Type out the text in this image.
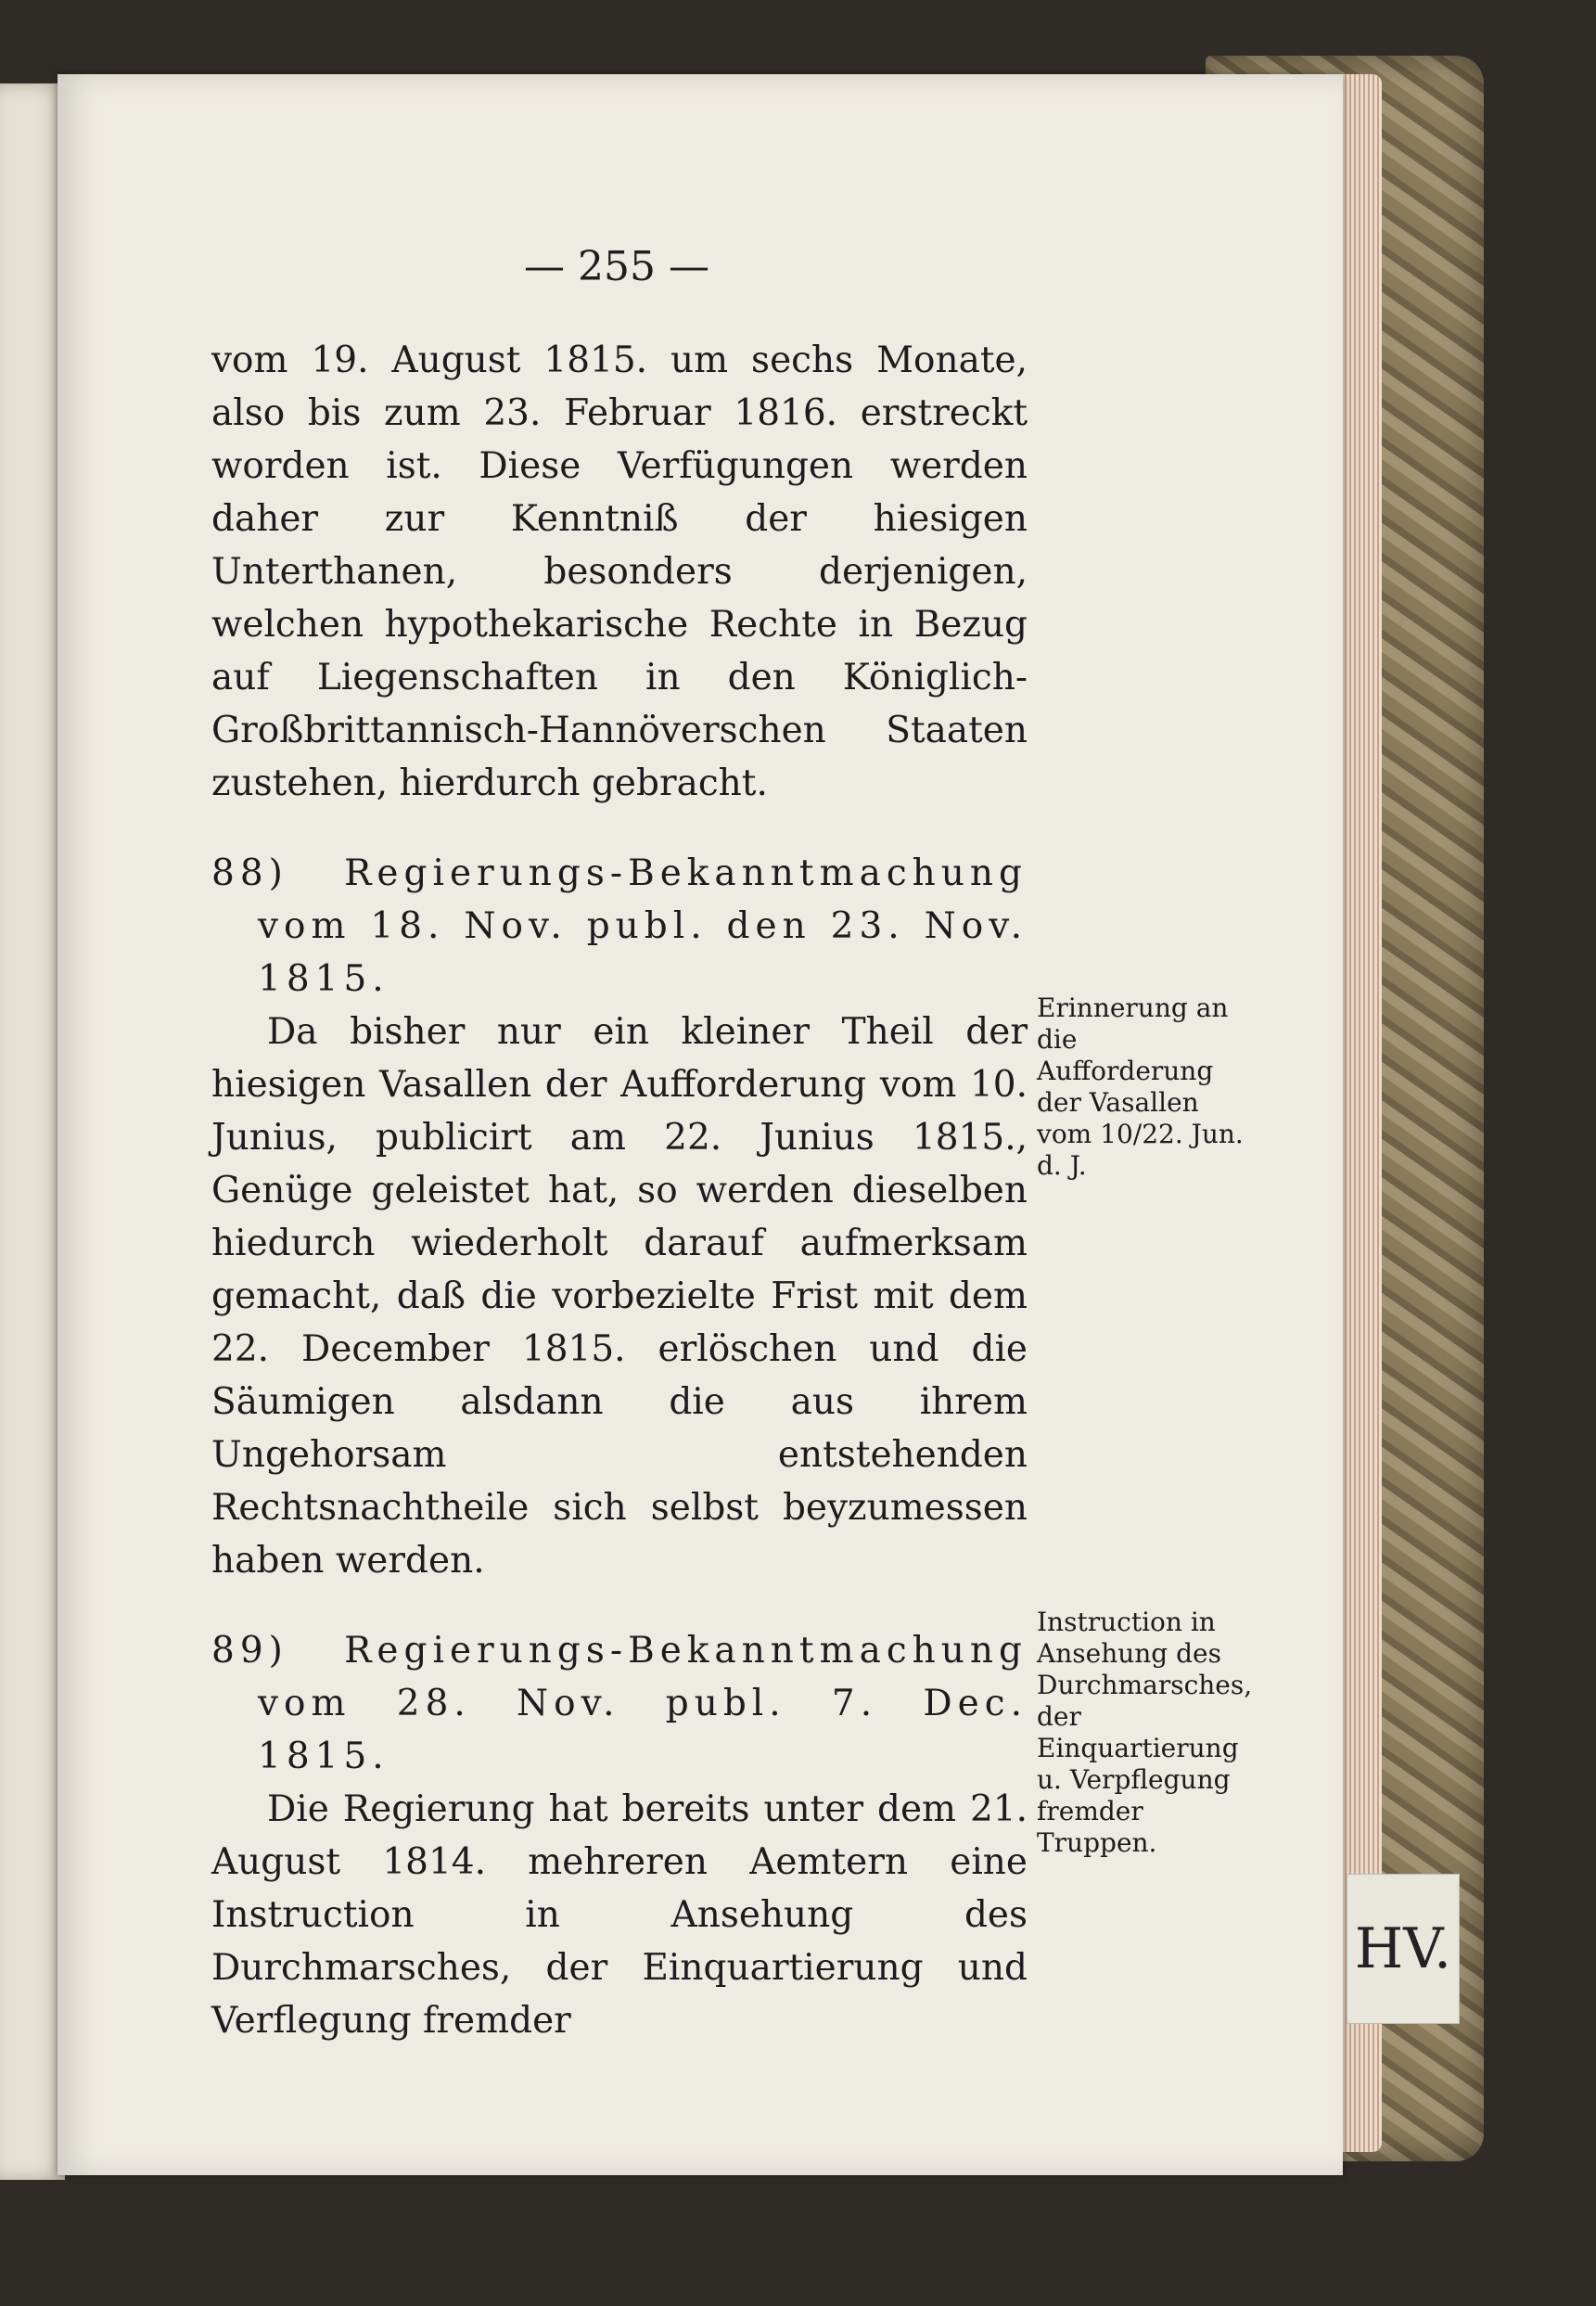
— 255 —

vom 19. August 1815. um sechs Monate, also bis zum 23. Februar 1816. erstreckt worden ist. Diese Verfügungen werden daher zur Kenntniß der hiesigen Unterthanen, besonders derjenigen, welchen hypothekarische Rechte in Bezug auf Liegenschaften in den Königlich-Großbrittannisch-Hannöverschen Staaten zustehen, hierdurch gebracht.

88) Regierungs-Bekanntmachung vom 18. Nov. publ. den 23. Nov. 1815.

Da bisher nur ein kleiner Theil der hiesigen Vasallen der Aufforderung vom 10. Junius, publicirt am 22. Junius 1815., Genüge geleistet hat, so werden dieselben hiedurch wiederholt darauf aufmerksam gemacht, daß die vorbezielte Frist mit dem 22. December 1815. erlöschen und die Säumigen alsdann die aus ihrem Ungehorsam entstehenden Rechtsnachtheile sich selbst beyzumessen haben werden.

89) Regierungs-Bekanntmachung vom 28. Nov. publ. 7. Dec. 1815.

Die Regierung hat bereits unter dem 21. August 1814. mehreren Aemtern eine Instruction in Ansehung des Durchmarsches, der Einquartierung und Verflegung fremder

Erinnerung an die Aufforderung der Vasallen vom 10/22. Jun. d. J.
Instruction in Ansehung des Durchmarsches, der Einquartierung u. Verpflegung fremder Truppen.
HV.
